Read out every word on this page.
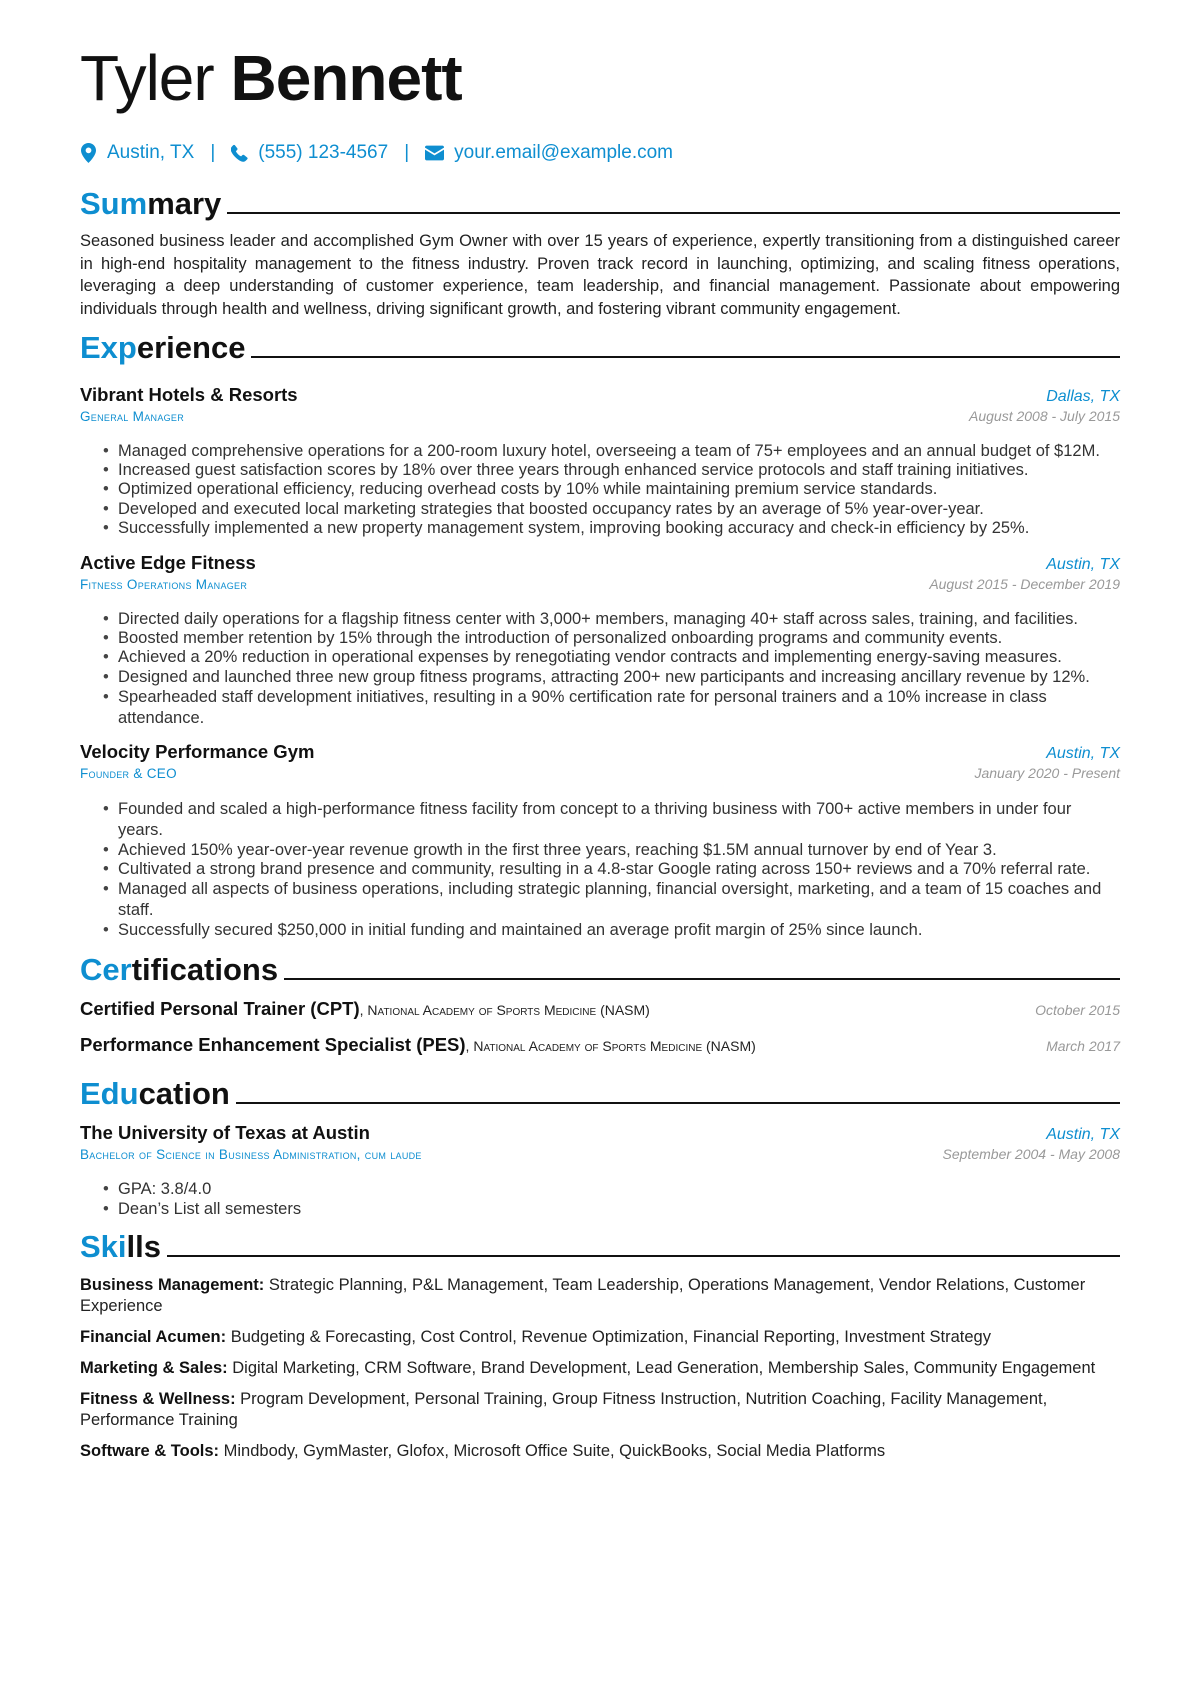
Tyler Bennett
Austin, TX | (555) 123-4567 | your.email@example.com
Summary

Seasoned business leader and accomplished Gym Owner with over 15 years of experience, expertly transitioning from a distinguished career in high-end hospitality management to the fitness industry. Proven track record in launching, optimizing, and scaling fitness operations, leveraging a deep understanding of customer experience, team leadership, and financial management. Passionate about empowering individuals through health and wellness, driving significant growth, and fostering vibrant community engagement.

Experience
Vibrant Hotels & Resorts	Dallas, TX
General Manager	August 2008 - July 2015
• Managed comprehensive operations for a 200-room luxury hotel, overseeing a team of 75+ employees and an annual budget of $12M.
• Increased guest satisfaction scores by 18% over three years through enhanced service protocols and staff training initiatives.
• Optimized operational efficiency, reducing overhead costs by 10% while maintaining premium service standards.
• Developed and executed local marketing strategies that boosted occupancy rates by an average of 5% year-over-year.
• Successfully implemented a new property management system, improving booking accuracy and check-in efficiency by 25%.
Active Edge Fitness	Austin, TX
Fitness Operations Manager	August 2015 - December 2019
• Directed daily operations for a flagship fitness center with 3,000+ members, managing 40+ staff across sales, training, and facilities.
• Boosted member retention by 15% through the introduction of personalized onboarding programs and community events.
• Achieved a 20% reduction in operational expenses by renegotiating vendor contracts and implementing energy-saving measures.
• Designed and launched three new group fitness programs, attracting 200+ new participants and increasing ancillary revenue by 12%.
• Spearheaded staff development initiatives, resulting in a 90% certification rate for personal trainers and a 10% increase in class attendance.
Velocity Performance Gym	Austin, TX
Founder & CEO	January 2020 - Present
• Founded and scaled a high-performance fitness facility from concept to a thriving business with 700+ active members in under four years.
• Achieved 150% year-over-year revenue growth in the first three years, reaching $1.5M annual turnover by end of Year 3.
• Cultivated a strong brand presence and community, resulting in a 4.8-star Google rating across 150+ reviews and a 70% referral rate.
• Managed all aspects of business operations, including strategic planning, financial oversight, marketing, and a team of 15 coaches and staff.
• Successfully secured $250,000 in initial funding and maintained an average profit margin of 25% since launch.
Certifications
Certified Personal Trainer (CPT), National Academy of Sports Medicine (NASM)	October 2015
Performance Enhancement Specialist (PES), National Academy of Sports Medicine (NASM)	March 2017
Education
The University of Texas at Austin	Austin, TX
Bachelor of Science in Business Administration, cum laude	September 2004 - May 2008
• GPA: 3.8/4.0
• Dean’s List all semesters
Skills

Business Management: Strategic Planning, P&L Management, Team Leadership, Operations Management, Vendor Relations, Customer Experience

Financial Acumen: Budgeting & Forecasting, Cost Control, Revenue Optimization, Financial Reporting, Investment Strategy

Marketing & Sales: Digital Marketing, CRM Software, Brand Development, Lead Generation, Membership Sales, Community Engagement

Fitness & Wellness: Program Development, Personal Training, Group Fitness Instruction, Nutrition Coaching, Facility Management, Performance Training

Software & Tools: Mindbody, GymMaster, Glofox, Microsoft Office Suite, QuickBooks, Social Media Platforms
